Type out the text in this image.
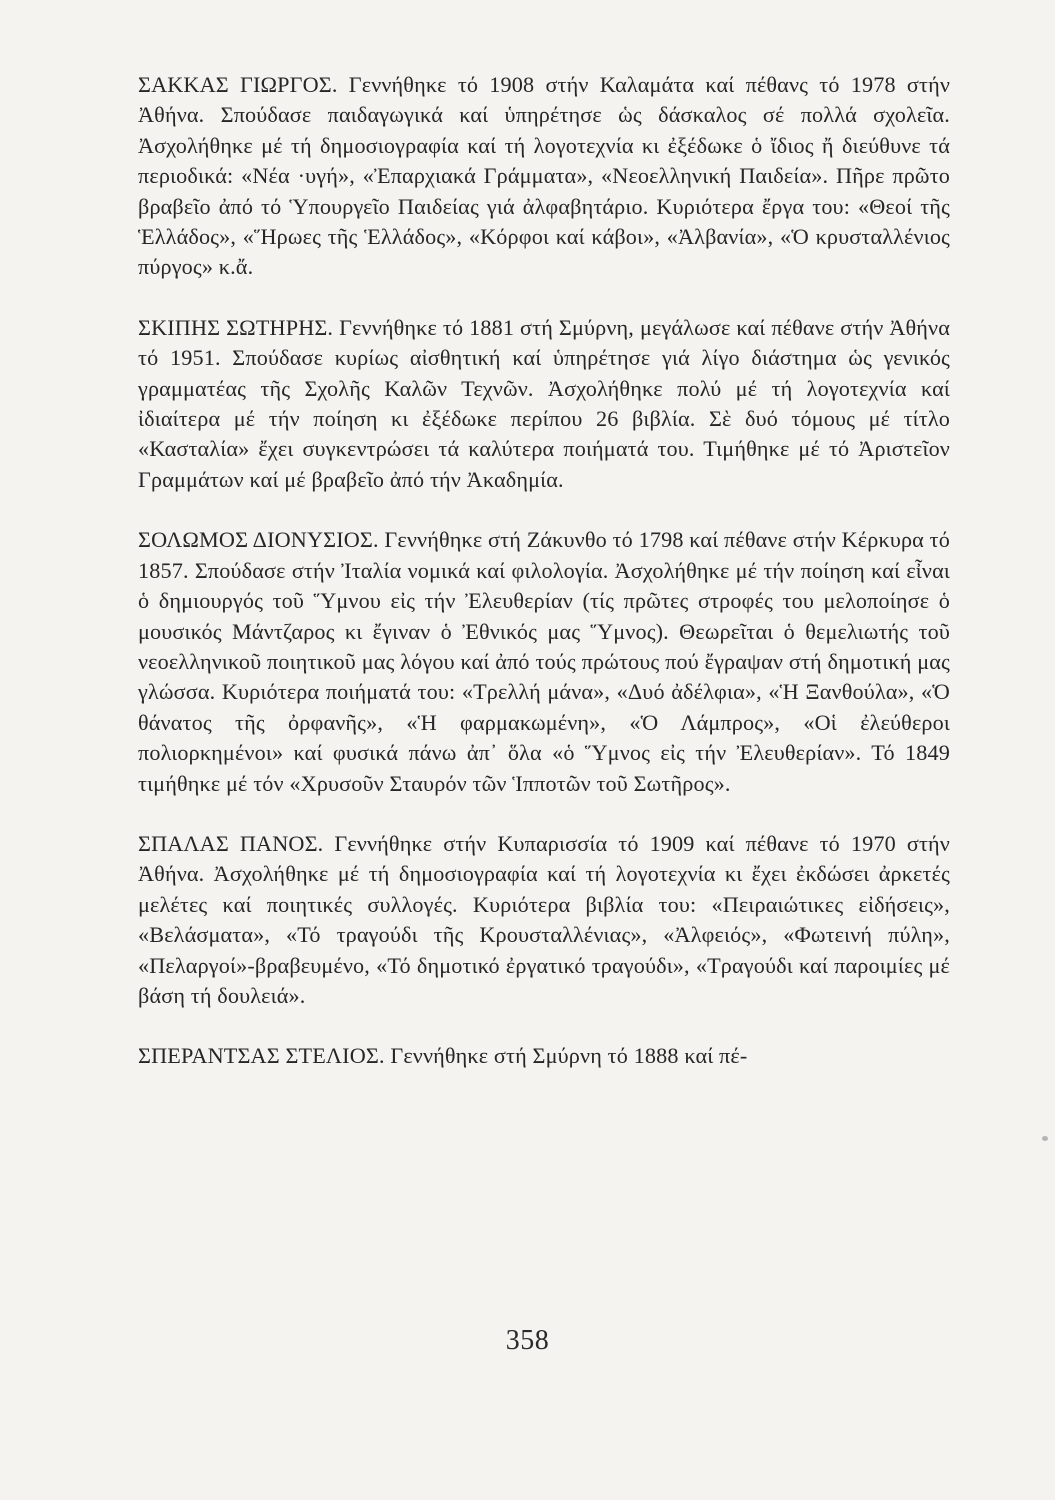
ΣΑΚΚΑΣ ΓΙΩΡΓΟΣ. Γεννήθηκε τό 1908 στήν Καλαμάτα καί πέθανς τό 1978 στήν Ἀθήνα. Σπούδασε παιδαγωγικά καί ὑπηρέτησε ὡς δάσκαλος σέ πολλά σχολεῖα. Ἀσχολήθηκε μέ τή δημοσιογραφία καί τή λογοτεχνία κι ἐξέδωκε ὁ ἴδιος ἤ διεύθυνε τά περιοδικά: «Νέα ·υγή», «Ἐπαρχιακά Γράμματα», «Νεοελληνική Παιδεία». Πῆρε πρῶτο βραβεῖο ἀπό τό Ὑπουργεῖο Παιδείας γιά ἀλφαβητάριο. Κυριότερα ἔργα του: «Θεοί τῆς Ἑλλάδος», «Ἥρωες τῆς Ἑλλάδος», «Κόρφοι καί κάβοι», «Ἀλβανία», «Ὁ κρυσταλλένιος πύργος» κ.ἄ.

ΣΚΙΠΗΣ ΣΩΤΗΡΗΣ. Γεννήθηκε τό 1881 στή Σμύρνη, μεγάλωσε καί πέθανε στήν Ἀθήνα τό 1951. Σπούδασε κυρίως αἰσθητική καί ὑπηρέτησε γιά λίγο διάστημα ὡς γενικός γραμματέας τῆς Σχολῆς Καλῶν Τεχνῶν. Ἀσχολήθηκε πολύ μέ τή λογοτεχνία καί ἰδιαίτερα μέ τήν ποίηση κι ἐξέδωκε περίπου 26 βιβλία. Σὲ δυό τόμους μέ τίτλο «Κασταλία» ἔχει συγκεντρώσει τά καλύτερα ποιήματά του. Τιμήθηκε μέ τό Ἀριστεῖον Γραμμάτων καί μέ βραβεῖο ἀπό τήν Ἀκαδημία.

ΣΟΛΩΜΟΣ ΔΙΟΝΥΣΙΟΣ. Γεννήθηκε στή Ζάκυνθο τό 1798 καί πέθανε στήν Κέρκυρα τό 1857. Σπούδασε στήν Ἰταλία νομικά καί φιλολογία. Ἀσχολήθηκε μέ τήν ποίηση καί εἶναι ὁ δημιουργός τοῦ Ὕμνου εἰς τήν Ἐλευθερίαν (τίς πρῶτες στροφές του μελοποίησε ὁ μουσικός Μάντζαρος κι ἔγιναν ὁ Ἐθνικός μας Ὕμνος). Θεωρεῖται ὁ θεμελιωτής τοῦ νεοελληνικοῦ ποιητικοῦ μας λόγου καί ἀπό τούς πρώτους πού ἔγραψαν στή δημοτική μας γλώσσα. Κυριότερα ποιήματά του: «Τρελλή μάνα», «Δυό ἀδέλφια», «Ἡ Ξανθούλα», «Ὁ θάνατος τῆς ὀρφανῆς», «Ἡ φαρμακωμένη», «Ὁ Λάμπρος», «Οἱ ἐλεύθεροι πολιορκημένοι» καί φυσικά πάνω ἀπ᾿ ὅλα «ὁ Ὕμνος εἰς τήν Ἐλευθερίαν». Τό 1849 τιμήθηκε μέ τόν «Χρυσοῦν Σταυρόν τῶν Ἱπποτῶν τοῦ Σωτῆρος».

ΣΠΑΛΑΣ ΠΑΝΟΣ. Γεννήθηκε στήν Κυπαρισσία τό 1909 καί πέθανε τό 1970 στήν Ἀθήνα. Ἀσχολήθηκε μέ τή δημοσιογραφία καί τή λογοτεχνία κι ἔχει ἐκδώσει ἀρκετές μελέτες καί ποιητικές συλλογές. Κυριότερα βιβλία του: «Πειραιώτικες εἰδήσεις», «Βελάσματα», «Τό τραγούδι τῆς Κρουσταλλένιας», «Ἀλφειός», «Φωτεινή πύλη», «Πελαργοί»-βραβευμένο, «Τό δημοτικό ἐργατικό τραγούδι», «Τραγούδι καί παροιμίες μέ βάση τή δουλειά».

ΣΠΕΡΑΝΤΣΑΣ ΣΤΕΛΙΟΣ. Γεννήθηκε στή Σμύρνη τό 1888 καί πέ-

358
